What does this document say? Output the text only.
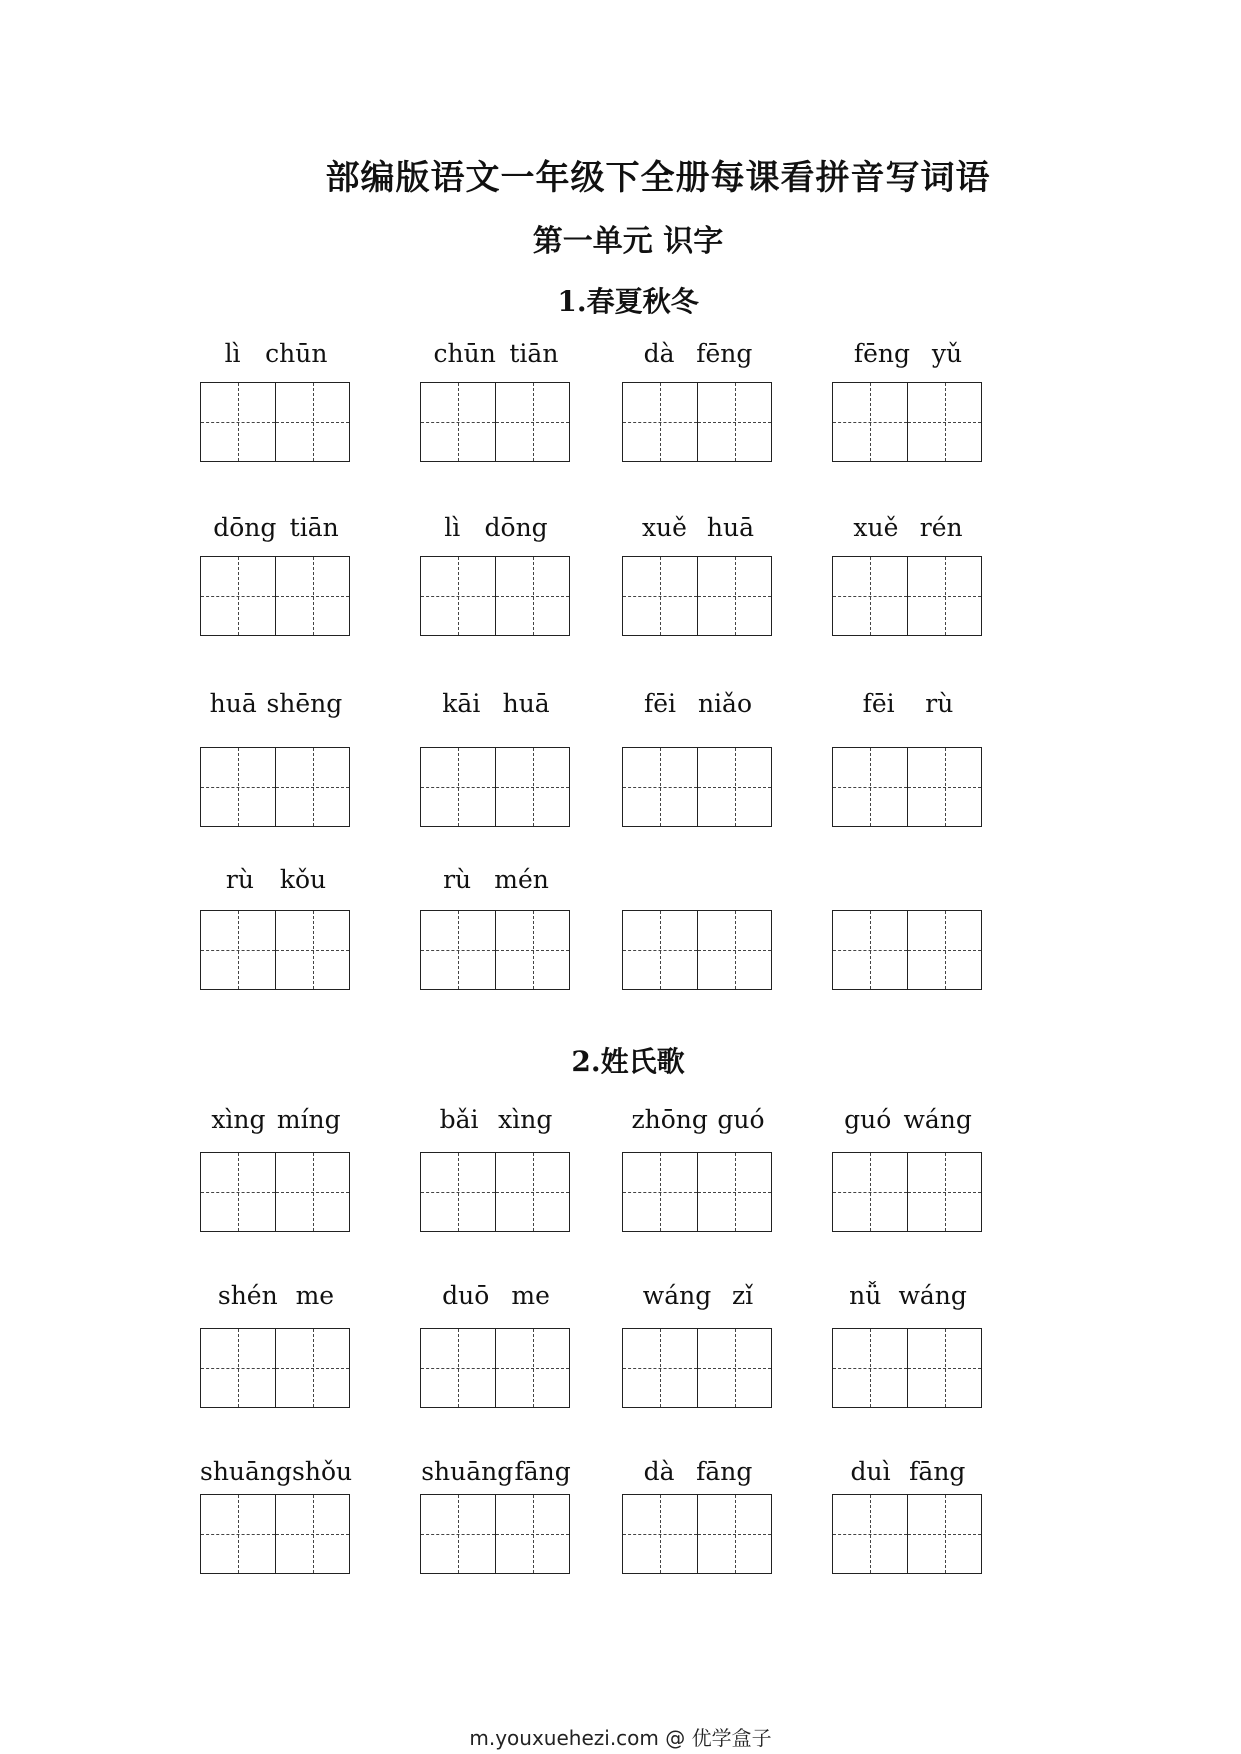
部编版语文一年级下全册每课看拼音写词语
第一单元 识字
1.春夏秋冬
2.姓氏歌
lì chūn	chūn tiān	dà fēng	fēng yǔ
dōng tiān	lì dōng	xuě huā	xuě rén
huā shēng	kāi huā	fēi niǎo	fēi rù
rù kǒu	rù mén
xìng míng	bǎi xìng	zhōng guó	guó wáng
shén me	duō me	wáng zǐ	nǚ wáng
shuāng shǒu	shuāng fāng	dà fāng	duì fāng
m.youxuehezi.com @ 优学盒子
